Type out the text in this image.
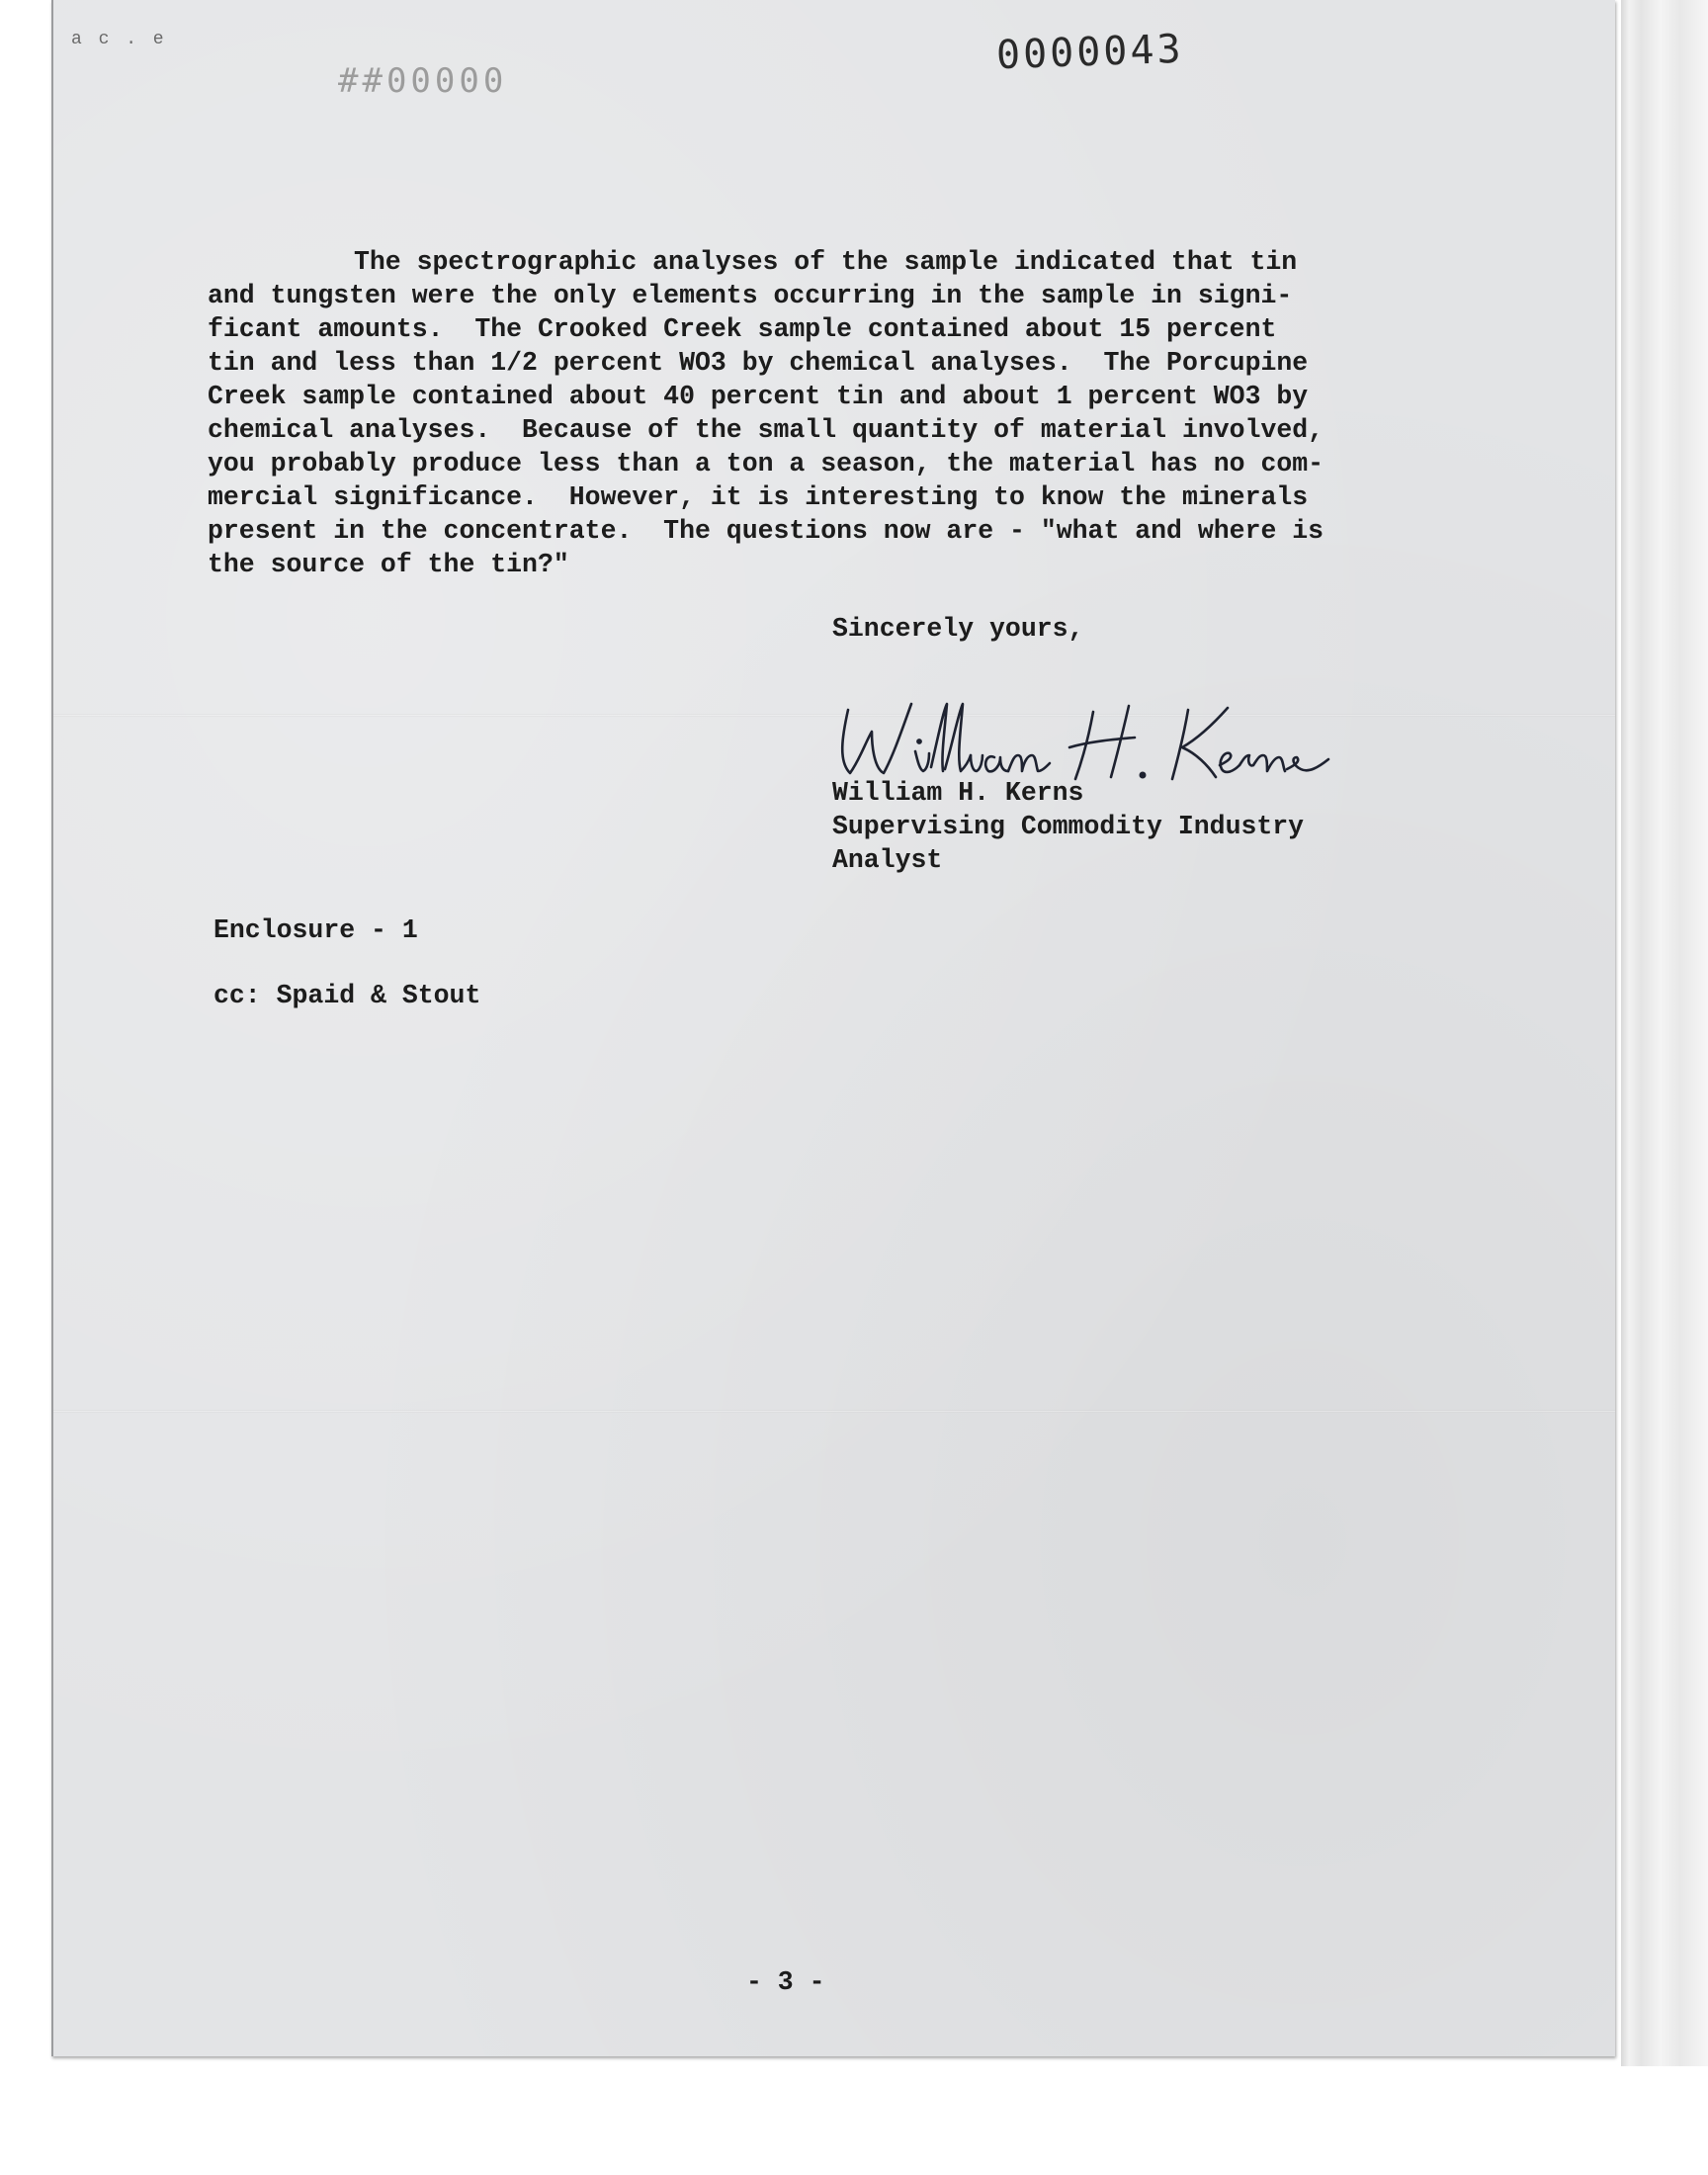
a c . e
##00000
0000043
The spectrographic analyses of the sample indicated that tin
and tungsten were the only elements occurring in the sample in signi-
ficant amounts.  The Crooked Creek sample contained about 15 percent
tin and less than 1/2 percent WO3 by chemical analyses.  The Porcupine
Creek sample contained about 40 percent tin and about 1 percent WO3 by
chemical analyses.  Because of the small quantity of material involved,
you probably produce less than a ton a season, the material has no com-
mercial significance.  However, it is interesting to know the minerals
present in the concentrate.  The questions now are - "what and where is
the source of the tin?"
Sincerely yours,
William H. Kerns
Supervising Commodity Industry
Analyst
Enclosure - 1
cc: Spaid & Stout
- 3 -
